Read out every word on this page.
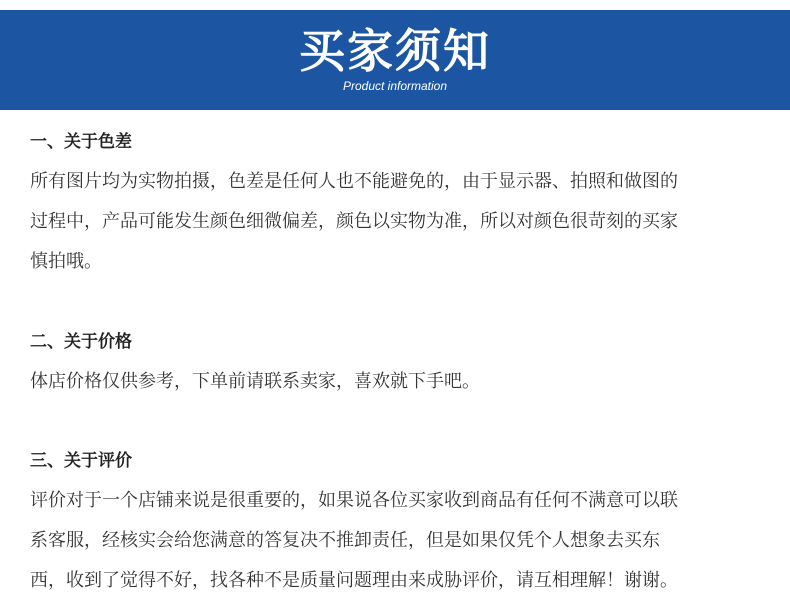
买家须知
Product information
一、关于色差

所有图片均为实物拍摄，色差是任何人也不能避免的，由于显示器、拍照和做图的
过程中，产品可能发生颜色细微偏差，颜色以实物为准，所以对颜色很苛刻的买家
慎拍哦。

二、关于价格

体店价格仅供参考，下单前请联系卖家，喜欢就下手吧。

三、关于评价

评价对于一个店铺来说是很重要的，如果说各位买家收到商品有任何不满意可以联
系客服，经核实会给您满意的答复决不推卸责任，但是如果仅凭个人想象去买东
西，收到了觉得不好，找各种不是质量问题理由来成胁评价，请互相理解！谢谢。
